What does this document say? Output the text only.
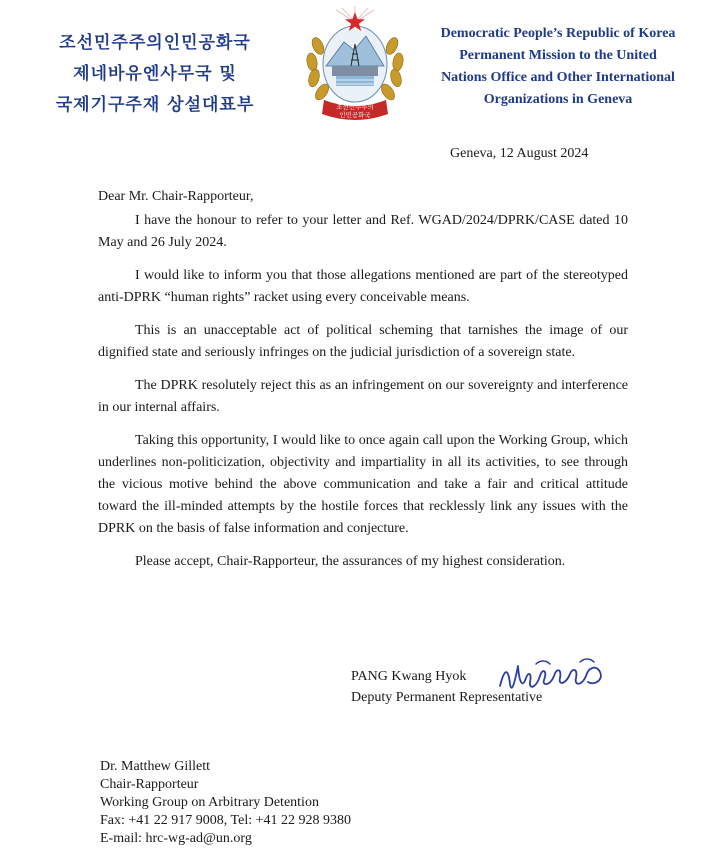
조선민주주의인민공화국
제네바유엔사무국 및
국제기구주재 상설대표부	조선민주주의
인민공화국
Democratic People’s Republic of Korea
Permanent Mission to the United
Nations Office and Other International
Organizations in Geneva
Geneva, 12 August 2024

Dear Mr. Chair-Rapporteur,

I have the honour to refer to your letter and Ref. WGAD/2024/DPRK/CASE dated 10 May and 26 July 2024.

I would like to inform you that those allegations mentioned are part of the stereotyped anti-DPRK “human rights” racket using every conceivable means.

This is an unacceptable act of political scheming that tarnishes the image of our dignified state and seriously infringes on the judicial jurisdiction of a sovereign state.

The DPRK resolutely reject this as an infringement on our sovereignty and interference in our internal affairs.

Taking this opportunity, I would like to once again call upon the Working Group, which underlines non-politicization, objectivity and impartiality in all its activities, to see through the vicious motive behind the above communication and take a fair and critical attitude toward the ill-minded attempts by the hostile forces that recklessly link any issues with the DPRK on the basis of false information and conjecture.

Please accept, Chair-Rapporteur, the assurances of my highest consideration.

PANG Kwang Hyok
Deputy Permanent Representative
Dr. Matthew Gillett
Chair-Rapporteur
Working Group on Arbitrary Detention
Fax: +41 22 917 9008, Tel: +41 22 928 9380
E-mail: hrc-wg-ad@un.org
